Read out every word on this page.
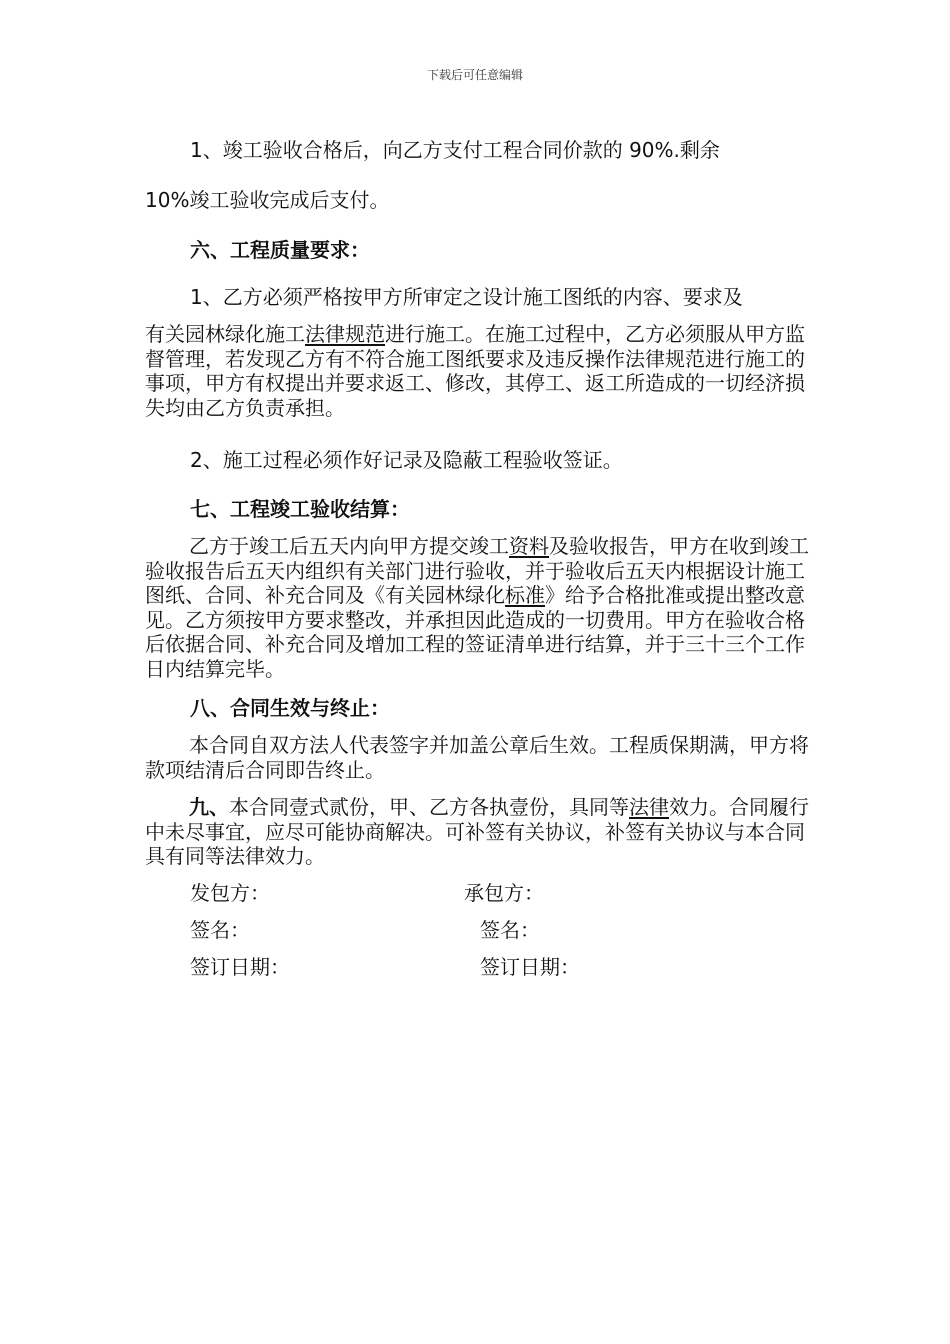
下载后可任意编辑
1、竣工验收合格后，向乙方支付工程合同价款的 90%.剩余
10%竣工验收完成后支付。
六、工程质量要求：
1、乙方必须严格按甲方所审定之设计施工图纸的内容、要求及
有关园林绿化施工法律规范进行施工。在施工过程中，乙方必须服从甲方监督管理，若发现乙方有不符合施工图纸要求及违反操作法律规范进行施工的事项，甲方有权提出并要求返工、修改，其停工、返工所造成的一切经济损失均由乙方负责承担。
2、施工过程必须作好记录及隐蔽工程验收签证。
七、工程竣工验收结算：
乙方于竣工后五天内向甲方提交竣工资料及验收报告，甲方在收到竣工验收报告后五天内组织有关部门进行验收，并于验收后五天内根据设计施工图纸、合同、补充合同及《有关园林绿化标准》给予合格批准或提出整改意见。乙方须按甲方要求整改，并承担因此造成的一切费用。甲方在验收合格后依据合同、补充合同及增加工程的签证清单进行结算，并于三十三个工作日内结算完毕。
八、合同生效与终止：
本合同自双方法人代表签字并加盖公章后生效。工程质保期满，甲方将款项结清后合同即告终止。
九、本合同壹式贰份，甲、乙方各执壹份，具同等法律效力。合同履行中未尽事宜，应尽可能协商解决。可补签有关协议，补签有关协议与本合同具有同等法律效力。
发包方：	承包方：
签名：	签名：
签订日期：	签订日期：
